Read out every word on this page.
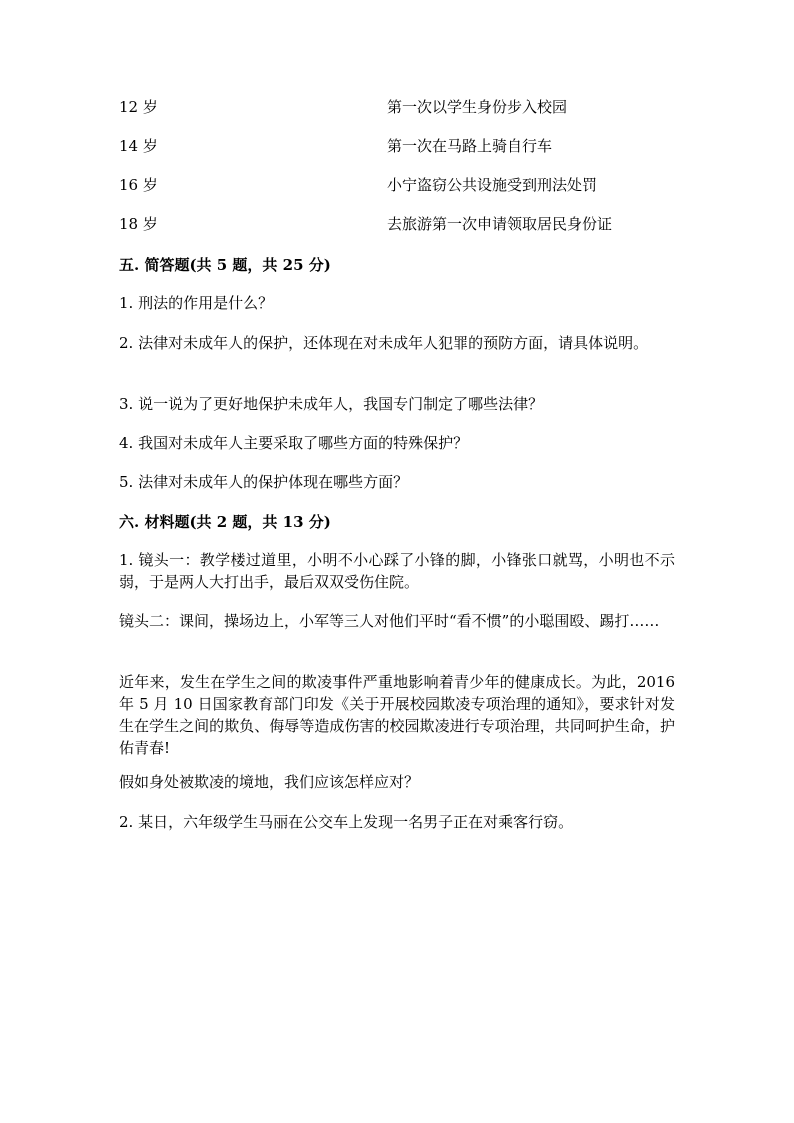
12 岁	第一次以学生身份步入校园
14 岁	第一次在马路上骑自行车
16 岁	小宁盗窃公共设施受到刑法处罚
18 岁	去旅游第一次申请领取居民身份证
五. 简答题(共 5 题，共 25 分)
1. 刑法的作用是什么？
2. 法律对未成年人的保护，还体现在对未成年人犯罪的预防方面，请具体说明。
3. 说一说为了更好地保护未成年人，我国专门制定了哪些法律？
4. 我国对未成年人主要采取了哪些方面的特殊保护？
5. 法律对未成年人的保护体现在哪些方面？
六. 材料题(共 2 题，共 13 分)
1. 镜头一：教学楼过道里，小明不小心踩了小锋的脚，小锋张口就骂，小明也不示弱，于是两人大打出手，最后双双受伤住院。
镜头二：课间，操场边上，小军等三人对他们平时“看不惯”的小聪围殴、踢打……
近年来，发生在学生之间的欺凌事件严重地影响着青少年的健康成长。为此，2016 年 5 月 10 日国家教育部门印发《关于开展校园欺凌专项治理的通知》，要求针对发生在学生之间的欺负、侮辱等造成伤害的校园欺凌进行专项治理，共同呵护生命，护佑青春!
假如身处被欺凌的境地，我们应该怎样应对？
2. 某日，六年级学生马丽在公交车上发现一名男子正在对乘客行窃。
